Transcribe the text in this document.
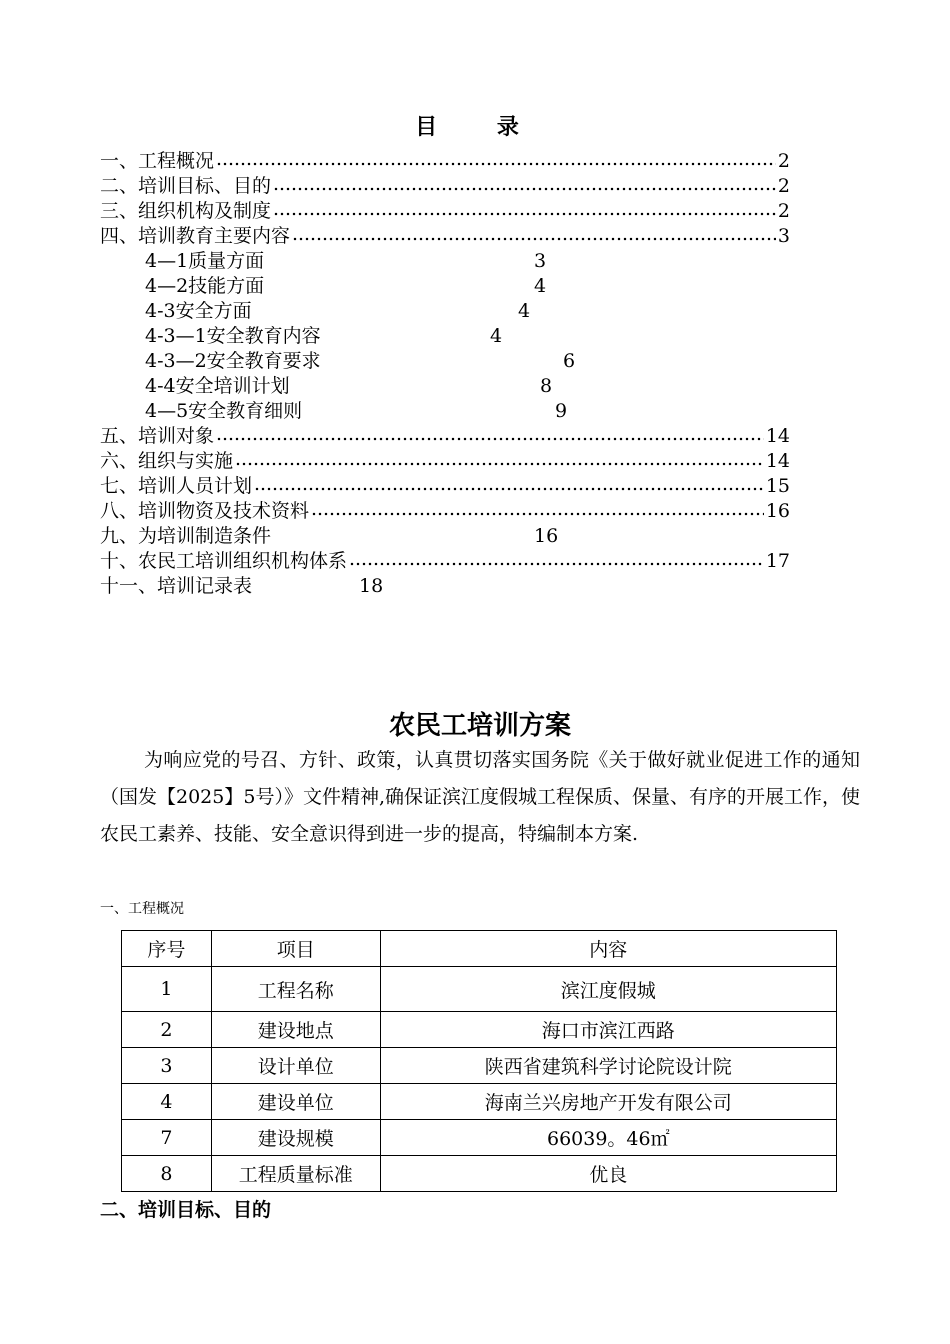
目 录
一、工程概况	2
二、培训目标、目的	2
三、组织机构及制度	2
四、培训教育主要内容	3
4—1质量方面	3
4—2技能方面	4
4-3安全方面	4
4-3—1安全教育内容	4
4-3—2安全教育要求	6
4-4安全培训计划	8
4—5安全教育细则	9
五、培训对象	14
六、组织与实施	14
七、培训人员计划	15
八、培训物资及技术资料	16
九、为培训制造条件	16
十、农民工培训组织机构体系	17
十一、培训记录表	18
农民工培训方案

为响应党的号召、方针、政策，认真贯切落实国务院《关于做好就业促进工作的通知（国发【2025】5号）》文件精神,确保证滨江度假城工程保质、保量、有序的开展工作，使农民工素养、技能、安全意识得到进一步的提高，特编制本方案.

一、工程概况
序号	项目	内容
1	工程名称	滨江度假城
2	建设地点	海口市滨江西路
3	设计单位	陕西省建筑科学讨论院设计院
4	建设单位	海南兰兴房地产开发有限公司
7	建设规模	66039。46㎡
8	工程质量标准	优良
二、培训目标、目的
